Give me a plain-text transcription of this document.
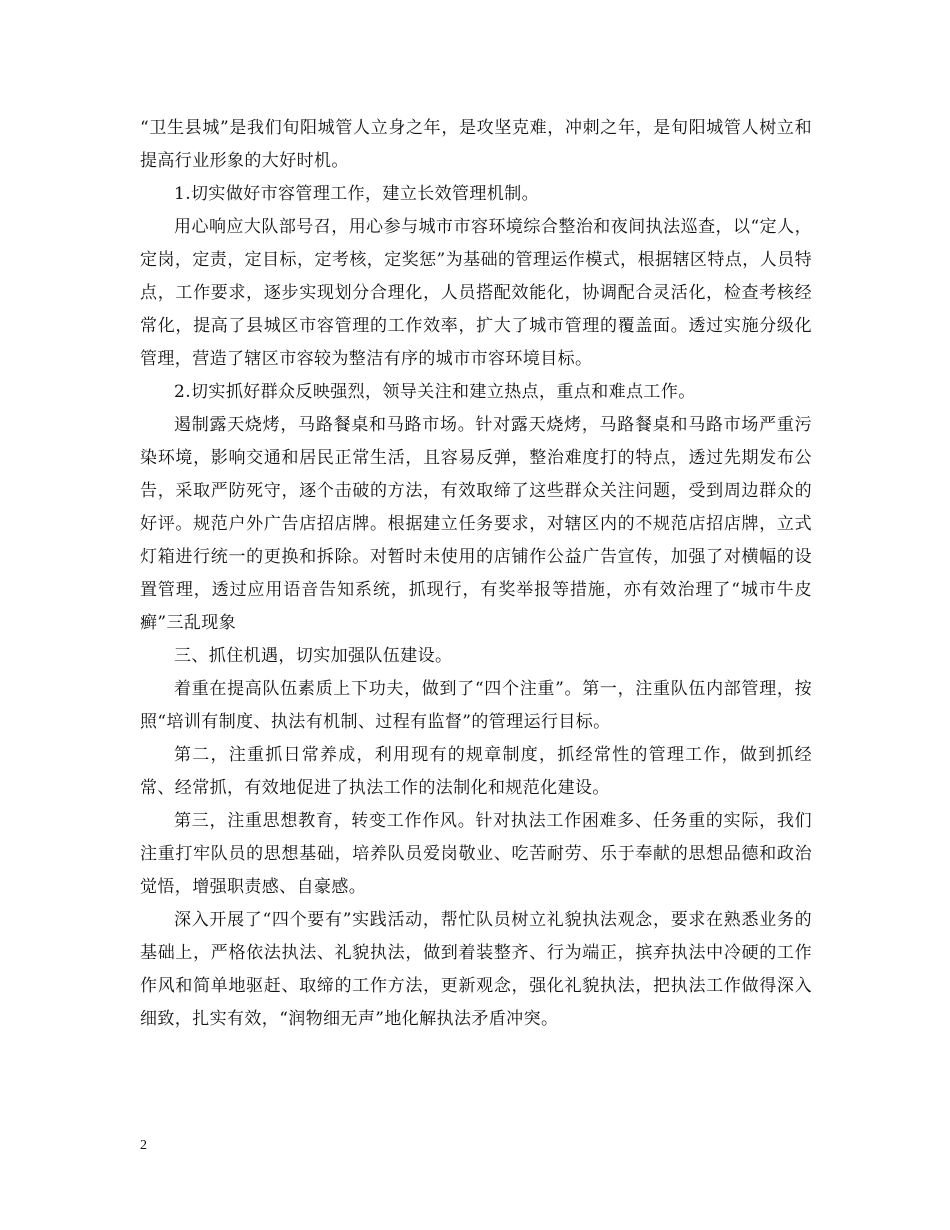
“卫生县城”是我们旬阳城管人立身之年，是攻坚克难，冲刺之年，是旬阳城管人树立和提高行业形象的大好时机。

1.切实做好市容管理工作，建立长效管理机制。

用心响应大队部号召，用心参与城市市容环境综合整治和夜间执法巡查，以“定人，定岗，定责，定目标，定考核，定奖惩”为基础的管理运作模式，根据辖区特点，人员特点，工作要求，逐步实现划分合理化，人员搭配效能化，协调配合灵活化，检查考核经常化，提高了县城区市容管理的工作效率，扩大了城市管理的覆盖面。透过实施分级化管理，营造了辖区市容较为整洁有序的城市市容环境目标。

2.切实抓好群众反映强烈，领导关注和建立热点，重点和难点工作。

遏制露天烧烤，马路餐桌和马路市场。针对露天烧烤，马路餐桌和马路市场严重污染环境，影响交通和居民正常生活，且容易反弹，整治难度打的特点，透过先期发布公告，采取严防死守，逐个击破的方法，有效取缔了这些群众关注问题，受到周边群众的好评。规范户外广告店招店牌。根据建立任务要求，对辖区内的不规范店招店牌，立式灯箱进行统一的更换和拆除。对暂时未使用的店铺作公益广告宣传，加强了对横幅的设置管理，透过应用语音告知系统，抓现行，有奖举报等措施，亦有效治理了“城市牛皮癣”三乱现象

三、抓住机遇，切实加强队伍建设。

着重在提高队伍素质上下功夫，做到了“四个注重”。第一，注重队伍内部管理，按照“培训有制度、执法有机制、过程有监督”的管理运行目标。

第二，注重抓日常养成，利用现有的规章制度，抓经常性的管理工作，做到抓经常、经常抓，有效地促进了执法工作的法制化和规范化建设。

第三，注重思想教育，转变工作作风。针对执法工作困难多、任务重的实际，我们注重打牢队员的思想基础，培养队员爱岗敬业、吃苦耐劳、乐于奉献的思想品德和政治觉悟，增强职责感、自豪感。

深入开展了“四个要有”实践活动，帮忙队员树立礼貌执法观念，要求在熟悉业务的基础上，严格依法执法、礼貌执法，做到着装整齐、行为端正，摈弃执法中冷硬的工作作风和简单地驱赶、取缔的工作方法，更新观念，强化礼貌执法，把执法工作做得深入细致，扎实有效，“润物细无声”地化解执法矛盾冲突。

2
